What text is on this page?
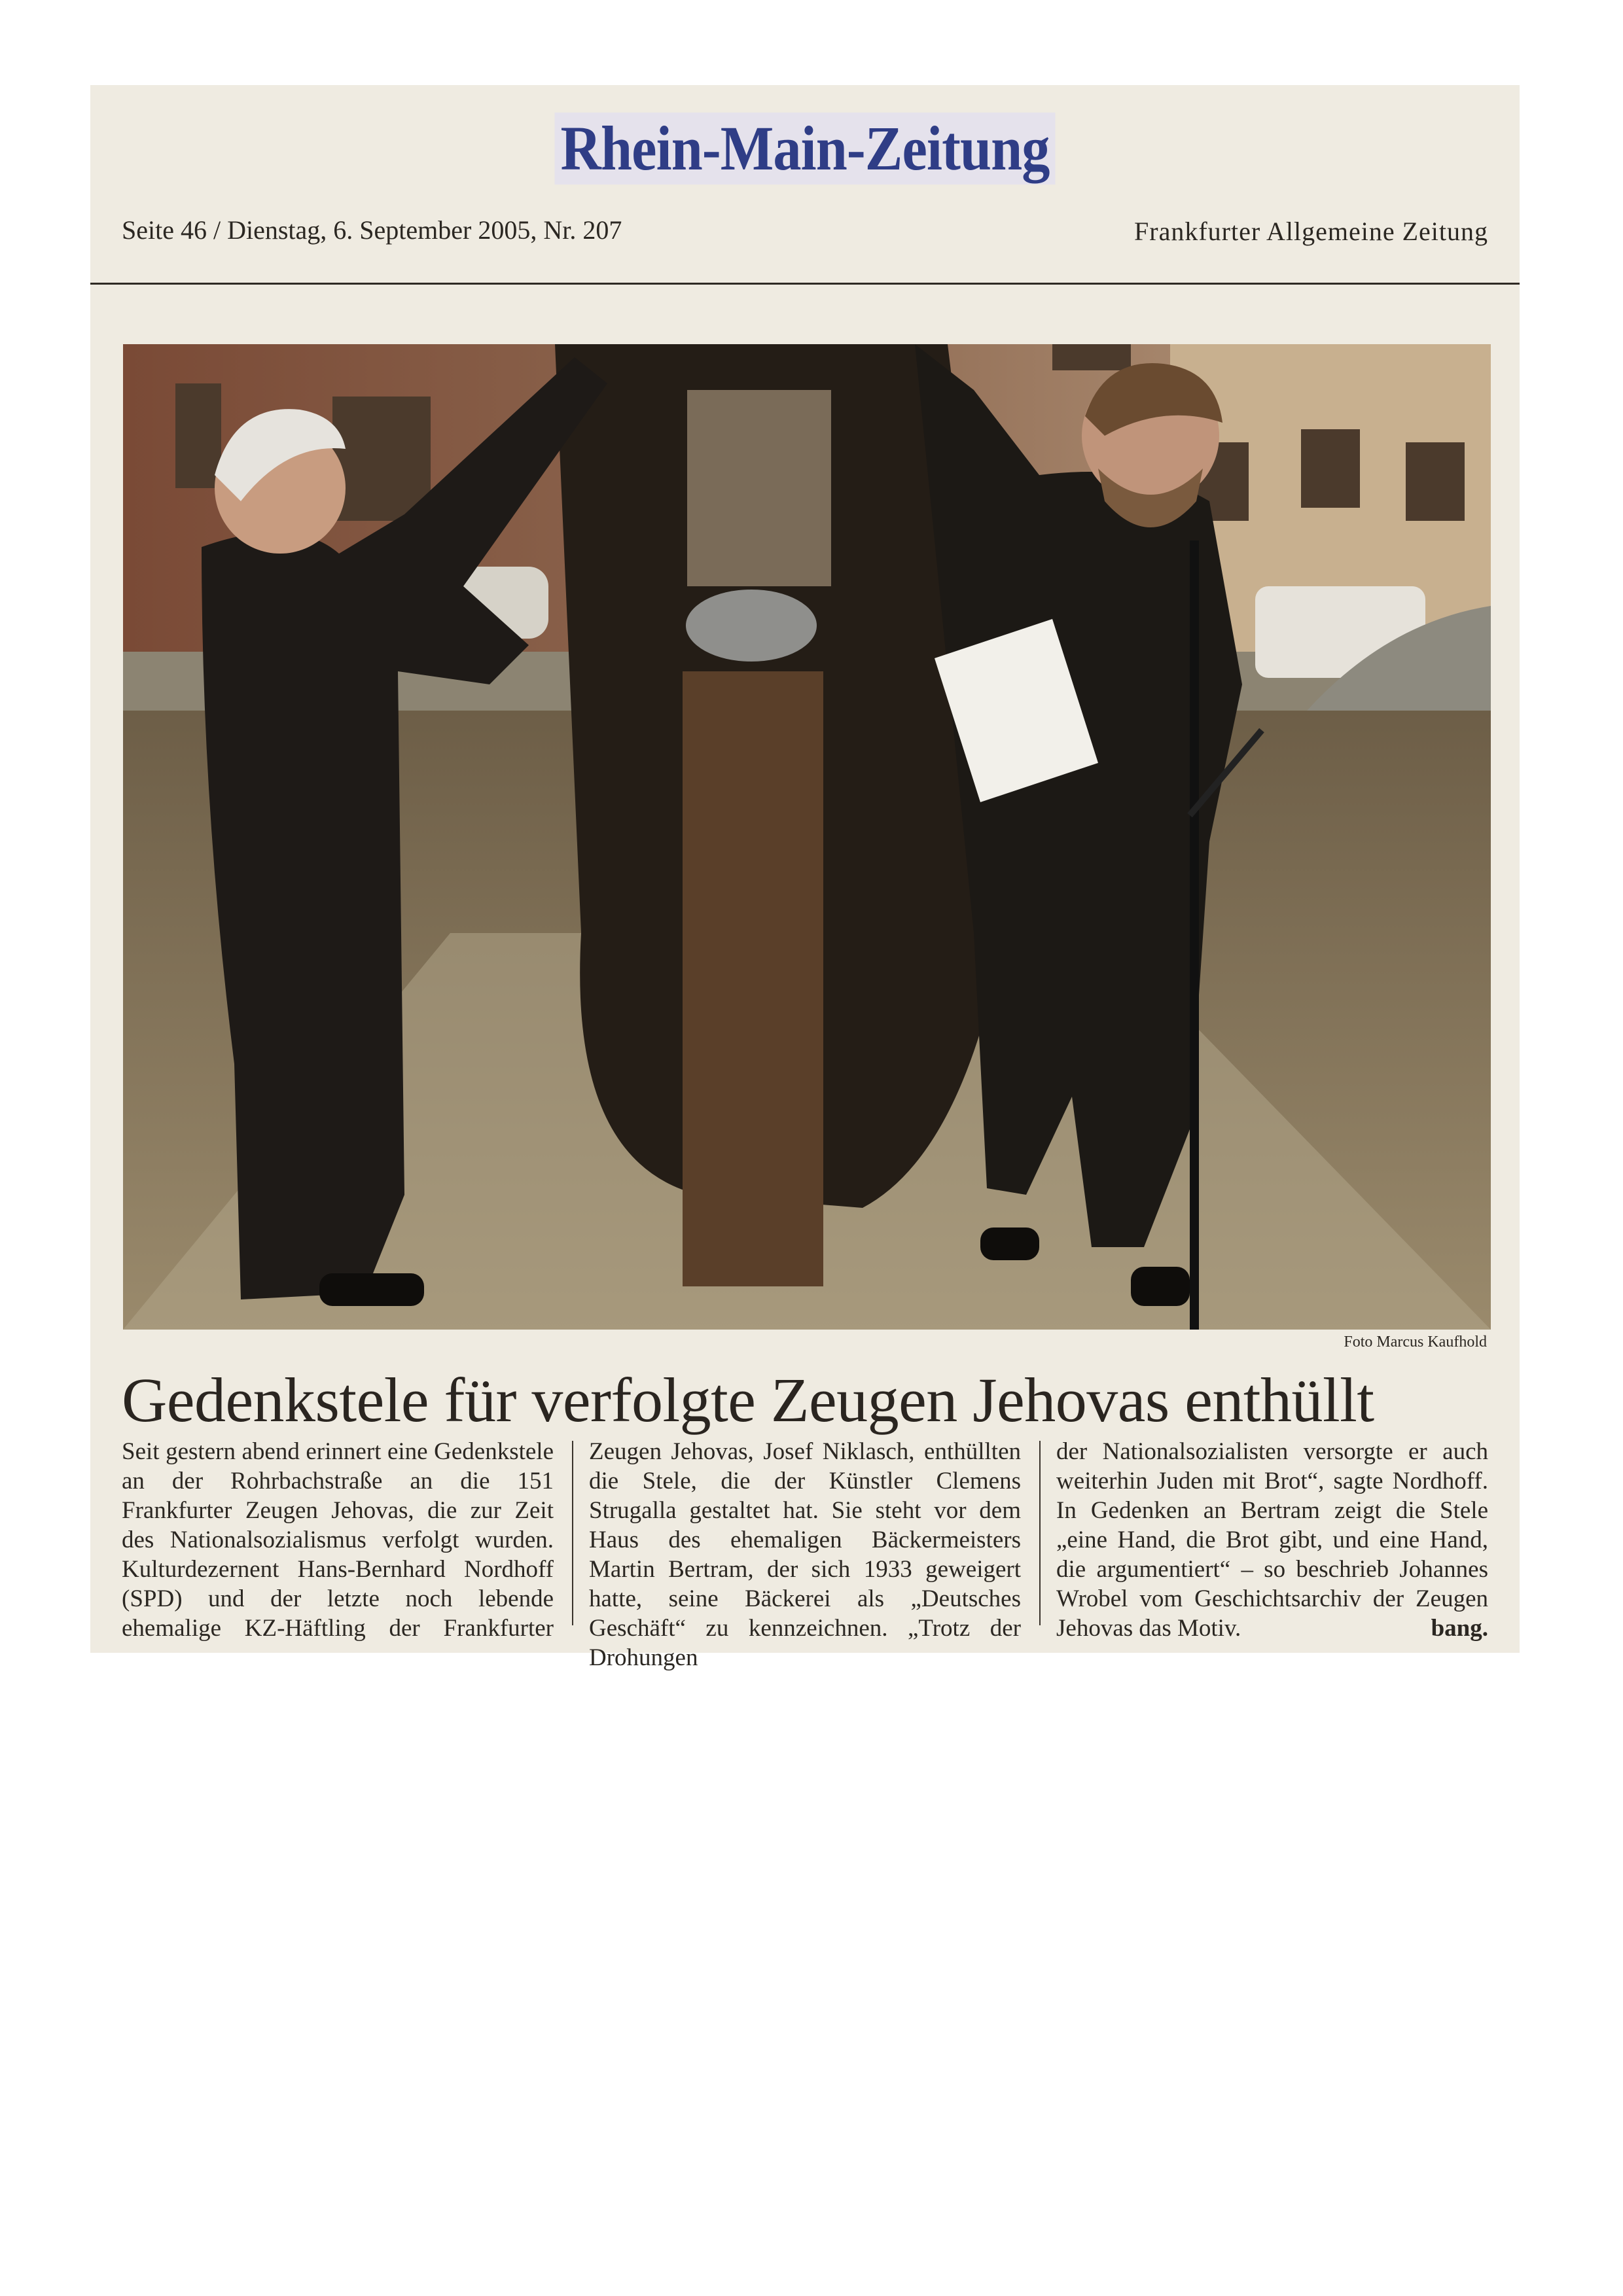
Rhein-Main-Zeitung
Seite 46 / Dienstag, 6. September 2005, Nr. 207	Frankfurter Allgemeine Zeitung
Foto Marcus Kaufhold
Gedenkstele für verfolgte Zeugen Jehovas enthüllt

Seit gestern abend erinnert eine Gedenkstele an der Rohrbachstraße an die 151 Frankfurter Zeugen Jehovas, die zur Zeit des Nationalsozialismus verfolgt wurden. Kulturdezernent Hans-Bernhard Nordhoff (SPD) und der letzte noch lebende ehemalige KZ-Häftling der Frankfurter

Zeugen Jehovas, Josef Niklasch, enthüllten die Stele, die der Künstler Clemens Strugalla gestaltet hat. Sie steht vor dem Haus des ehemaligen Bäckermeisters Martin Bertram, der sich 1933 geweigert hatte, seine Bäckerei als „Deutsches Geschäft“ zu kennzeichnen. „Trotz der Drohungen

der Nationalsozialisten versorgte er auch weiterhin Juden mit Brot“, sagte Nordhoff. In Gedenken an Bertram zeigt die Stele „eine Hand, die Brot gibt, und eine Hand, die argumentiert“ – so beschrieb Johannes Wrobel vom Geschichtsarchiv der Zeugen Jehovas das Motiv.	bang.
